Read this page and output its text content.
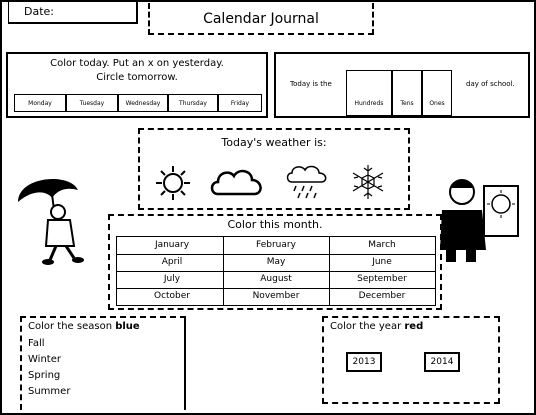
Date:	Calendar Journal
Color today. Put an x on yesterday.
Circle tomorrow.
Monday	Tuesday	Wednesday	Thursday	Friday
Today is the
Hundreds	Tens	Ones
day of school.
Today's weather is:
Color this month.
January	February	March
April	May	June
July	August	September
October	November	December
Color the season blue
Fall
Winter
Spring
Summer
Color the year red
2013	2014
